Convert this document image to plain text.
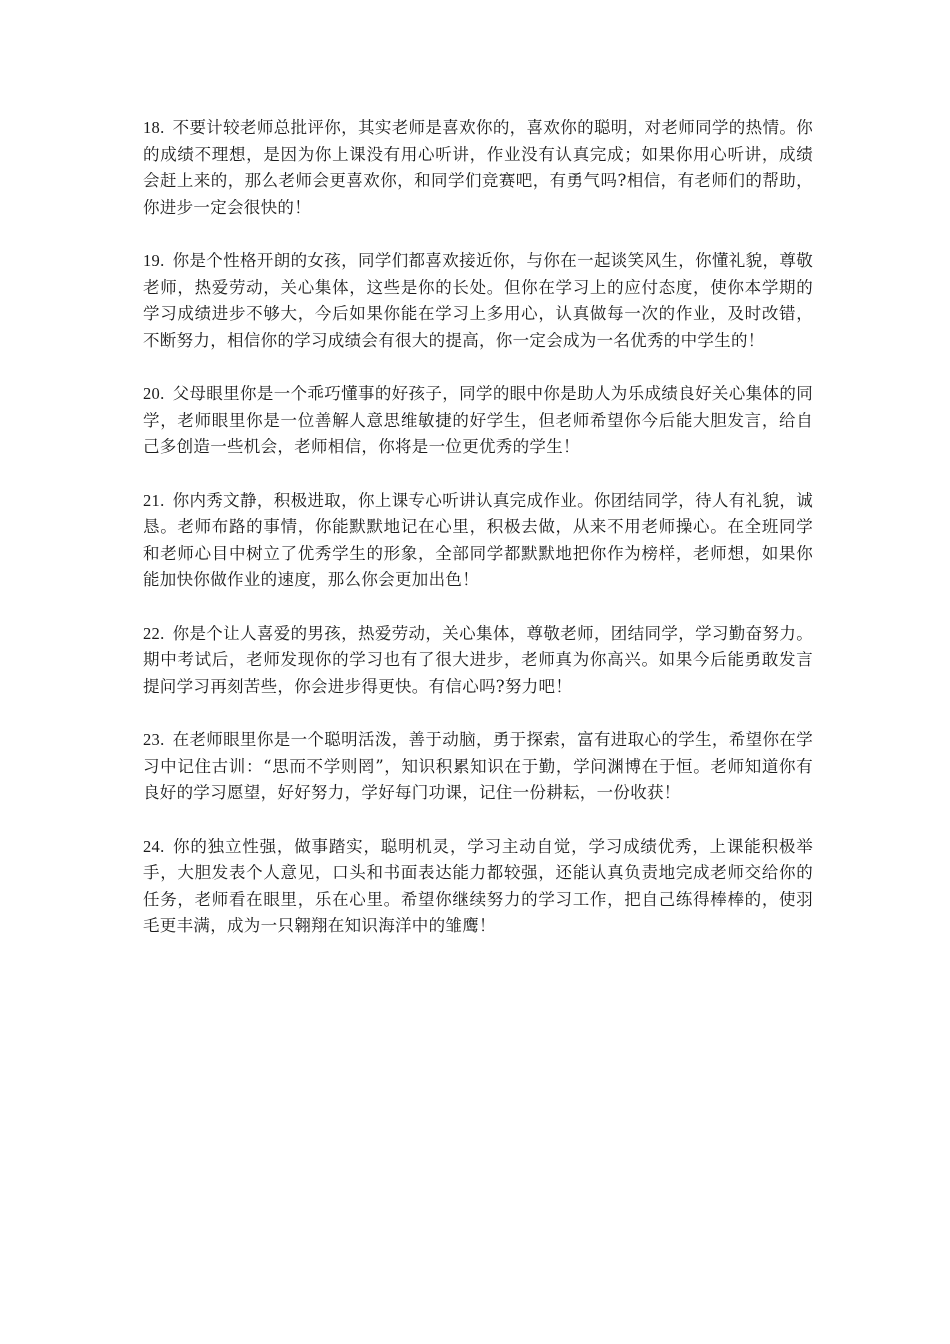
18. 不要计较老师总批评你，其实老师是喜欢你的，喜欢你的聪明，对老师同学的热情。你的成绩不理想，是因为你上课没有用心听讲，作业没有认真完成；如果你用心听讲，成绩会赶上来的，那么老师会更喜欢你，和同学们竞赛吧，有勇气吗?相信，有老师们的帮助，你进步一定会很快的！

19. 你是个性格开朗的女孩，同学们都喜欢接近你，与你在一起谈笑风生，你懂礼貌，尊敬老师，热爱劳动，关心集体，这些是你的长处。但你在学习上的应付态度，使你本学期的学习成绩进步不够大，今后如果你能在学习上多用心，认真做每一次的作业，及时改错，不断努力，相信你的学习成绩会有很大的提高，你一定会成为一名优秀的中学生的！

20. 父母眼里你是一个乖巧懂事的好孩子，同学的眼中你是助人为乐成绩良好关心集体的同学，老师眼里你是一位善解人意思维敏捷的好学生，但老师希望你今后能大胆发言，给自己多创造一些机会，老师相信，你将是一位更优秀的学生！

21. 你内秀文静，积极进取，你上课专心听讲认真完成作业。你团结同学，待人有礼貌，诚恳。老师布路的事情，你能默默地记在心里，积极去做，从来不用老师操心。在全班同学和老师心目中树立了优秀学生的形象，全部同学都默默地把你作为榜样，老师想，如果你能加快你做作业的速度，那么你会更加出色！

22. 你是个让人喜爱的男孩，热爱劳动，关心集体，尊敬老师，团结同学，学习勤奋努力。期中考试后，老师发现你的学习也有了很大进步，老师真为你高兴。如果今后能勇敢发言提问学习再刻苦些，你会进步得更快。有信心吗?努力吧！

23. 在老师眼里你是一个聪明活泼，善于动脑，勇于探索，富有进取心的学生，希望你在学习中记住古训：“思而不学则罔”，知识积累知识在于勤，学问渊博在于恒。老师知道你有良好的学习愿望，好好努力，学好每门功课，记住一份耕耘，一份收获！

24. 你的独立性强，做事踏实，聪明机灵，学习主动自觉，学习成绩优秀，上课能积极举手，大胆发表个人意见，口头和书面表达能力都较强，还能认真负责地完成老师交给你的任务，老师看在眼里，乐在心里。希望你继续努力的学习工作，把自己练得棒棒的，使羽毛更丰满，成为一只翱翔在知识海洋中的雏鹰！
